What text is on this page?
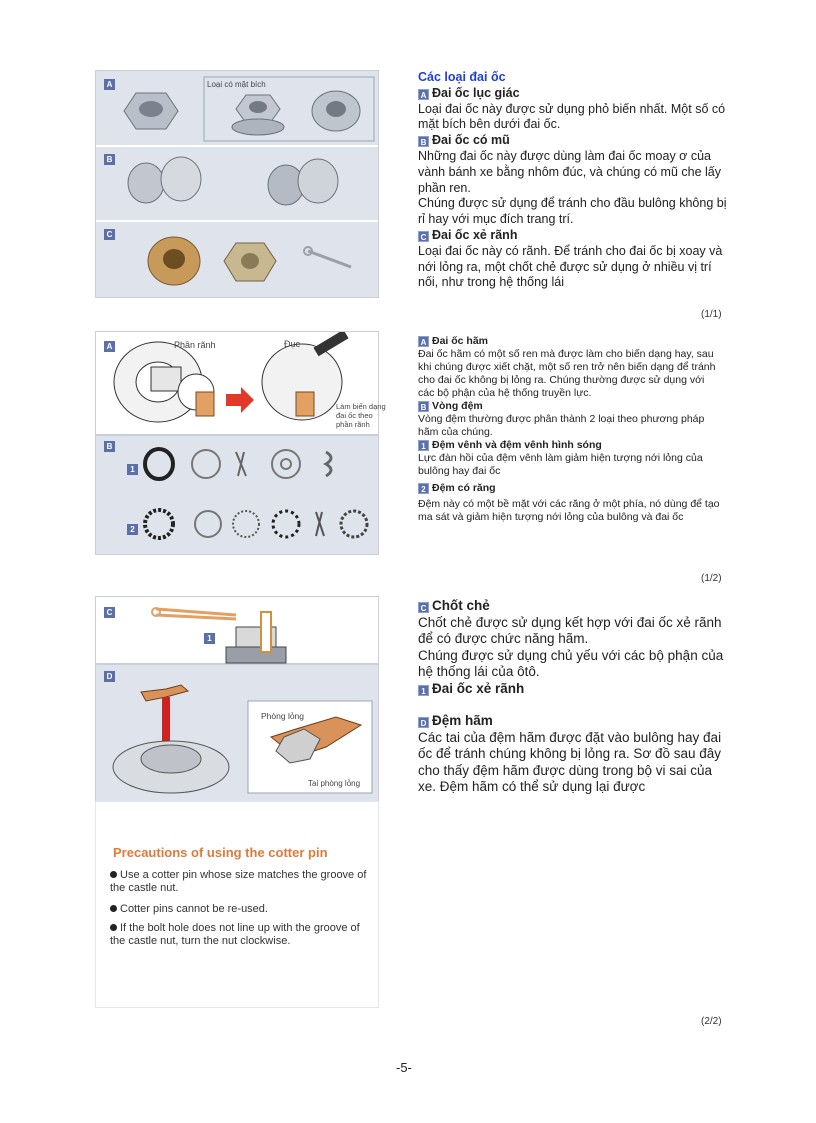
A
B
C
Loại có mặt bích
Các loại đai ốc
A Đai ốc lục giác
Loại đai ốc này được sử dụng phỏ biến nhất. Một số có mặt bích bên dưới đai ốc.
B Đai ốc có mũ
Những đai ốc này được dùng làm đai ốc moay ơ của vành bánh xe bằng nhôm đúc, và chúng có mũ che lấy phần ren.
Chúng được sử dụng để tránh cho đầu bulông không bị rỉ hay với mục đích trang trí.
C Đai ốc xẻ rãnh
Loại đai ốc này có rãnh. Để tránh cho đai ốc bị xoay và nới lỏng ra, một chốt chẻ được sử dụng ở nhiều vị trí nối, như trong hệ thống lái
(1/1)
A
B
1
2
Phần rãnh	Đục
Làm biến dạng đai ốc theo phần rãnh
A Đai ốc hãm
Đai ốc hãm có một số ren mà được làm cho biến dạng hay, sau khi chúng được xiết chặt, một số ren trở nên biến dạng để tránh cho đai ốc không bị lỏng ra. Chúng thường được sử dụng với các bộ phận của hệ thống truyền lực.
B Vòng đệm
Vòng đệm thường được phân thành 2 loại theo phương pháp hãm của chúng.
1 Đệm vênh và đệm vênh hình sóng
Lực đàn hồi của đệm vênh làm giảm hiện tượng nới lỏng của bulông hay đai ốc
2 Đệm có răng
Đệm này có một bề mặt với các răng ở một phía, nó dùng để tạo ma sát và giảm hiện tượng nới lỏng của bulông và đai ốc
(1/2)
C
1
D
Phòng lỏng
Tai phòng lỏng
Precautions of using the cotter pin
Use a cotter pin whose size matches the groove of the castle nut.
Cotter pins cannot be re-used.
If the bolt hole does not line up with the groove of the castle nut, turn the nut clockwise.
C Chốt chẻ
Chốt chẻ được sử dụng kết hợp với đai ốc xẻ rãnh để có được chức năng hãm.
Chúng được sử dụng chủ yếu với các bộ phận của hệ thống lái của ôtô.
1 Đai ốc xẻ rãnh
D Đệm hãm
Các tai của đệm hãm được đặt vào bulông hay đai ốc để tránh chúng không bị lỏng ra. Sơ đồ sau đây cho thấy đệm hãm được dùng trong bộ vi sai của xe. Đệm hãm có thể sử dụng lại được
(2/2)
-5-
